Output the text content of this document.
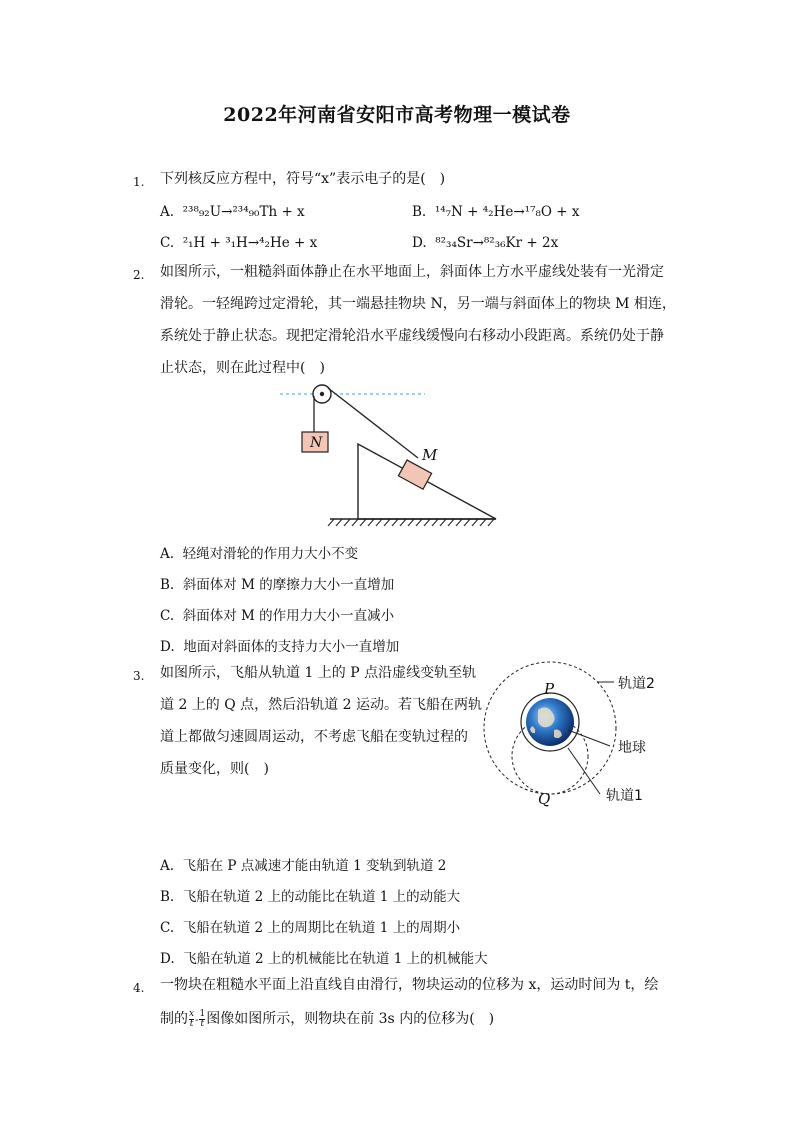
2022年河南省安阳市高考物理一模试卷
1. 下列核反应方程中，符号“x”表示电子的是(　)
A. ²³⁸₉₂U→²³⁴₉₀Th + x	B. ¹⁴₇N + ⁴₂He→¹⁷₈O + x
C. ²₁H + ³₁H→⁴₂He + x	D. ⁸²₃₄Sr→⁸²₃₆Kr + 2x
2. 如图所示，一粗糙斜面体静止在水平地面上，斜面体上方水平虚线处装有一光滑定
滑轮。一轻绳跨过定滑轮，其一端悬挂物块 N，另一端与斜面体上的物块 M 相连，
系统处于静止状态。现把定滑轮沿水平虚线缓慢向右移动小段距离。系统仍处于静
止状态，则在此过程中(　)
N
M
A. 轻绳对滑轮的作用力大小不变
B. 斜面体对 M 的摩擦力大小一直增加
C. 斜面体对 M 的作用力大小一直减小
D. 地面对斜面体的支持力大小一直增加
3. 如图所示，飞船从轨道 1 上的 P 点沿虚线变轨至轨
道 2 上的 Q 点，然后沿轨道 2 运动。若飞船在两轨
道上都做匀速圆周运动，不考虑飞船在变轨过程的
质量变化，则(　)
P
Q
轨道2
地球
轨道1
A. 飞船在 P 点减速才能由轨道 1 变轨到轨道 2
B. 飞船在轨道 2 上的动能比在轨道 1 上的动能大
C. 飞船在轨道 2 上的周期比在轨道 1 上的周期小
D. 飞船在轨道 2 上的机械能比在轨道 1 上的机械能大
4. 一物块在粗糙水平面上沿直线自由滑行，物块运动的位移为 x，运动时间为 t，绘
制的 $\frac{x}{t} - \frac{1}{t}$ 图像如图所示，则物块在前 3s 内的位移为(　)
